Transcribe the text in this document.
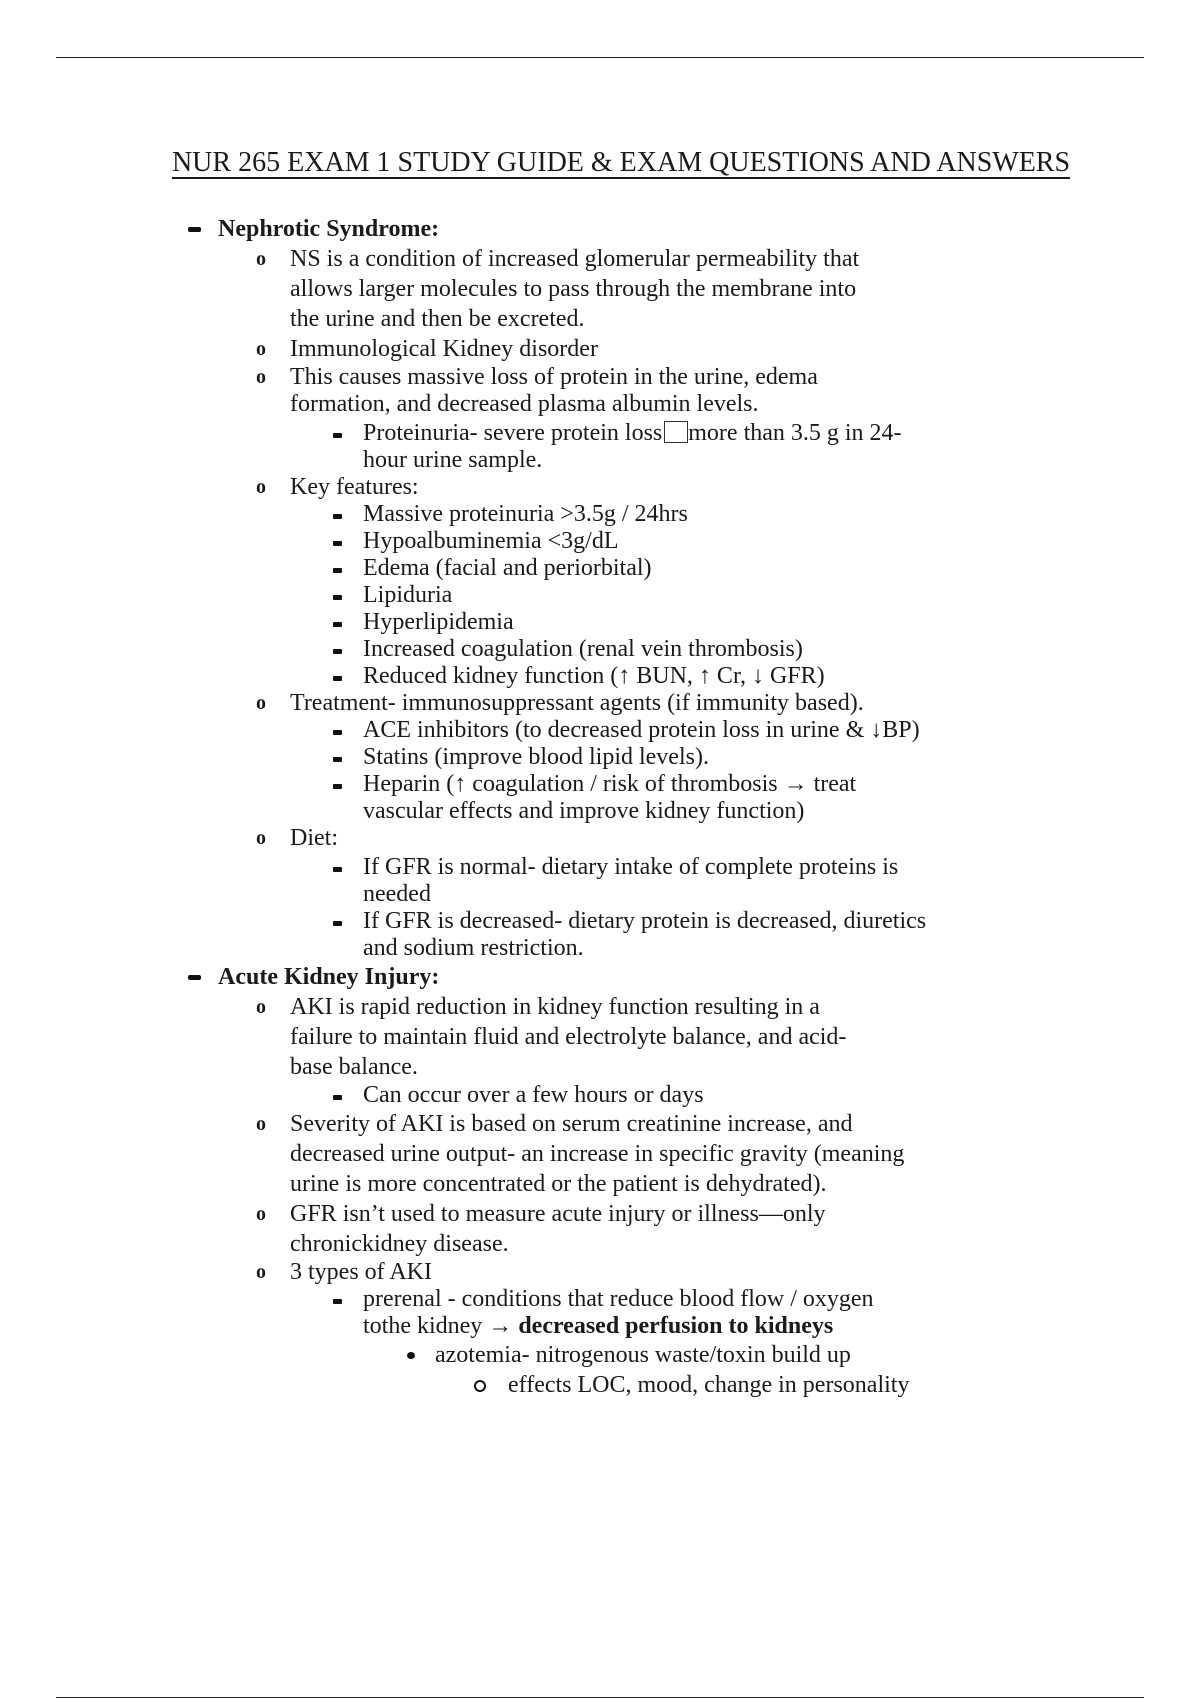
NUR 265 EXAM 1 STUDY GUIDE & EXAM QUESTIONS AND ANSWERS
Nephrotic Syndrome:
o NS is a condition of increased glomerular permeability that
allows larger molecules to pass through the membrane into
the urine and then be excreted.
o Immunological Kidney disorder
o This causes massive loss of protein in the urine, edema
formation, and decreased plasma albumin levels.
Proteinuria- severe protein loss more than 3.5 g in 24-
hour urine sample.
o Key features:
Massive proteinuria >3.5g / 24hrs
Hypoalbuminemia <3g/dL
Edema (facial and periorbital)
Lipiduria
Hyperlipidemia
Increased coagulation (renal vein thrombosis)
Reduced kidney function (↑ BUN, ↑ Cr, ↓ GFR)
o Treatment- immunosuppressant agents (if immunity based).
ACE inhibitors (to decreased protein loss in urine & ↓BP)
Statins (improve blood lipid levels).
Heparin (↑ coagulation / risk of thrombosis → treat
vascular effects and improve kidney function)
o Diet:
If GFR is normal- dietary intake of complete proteins is
needed
If GFR is decreased- dietary protein is decreased, diuretics
and sodium restriction.
Acute Kidney Injury:
o AKI is rapid reduction in kidney function resulting in a
failure to maintain fluid and electrolyte balance, and acid-
base balance.
Can occur over a few hours or days
o Severity of AKI is based on serum creatinine increase, and
decreased urine output- an increase in specific gravity (meaning
urine is more concentrated or the patient is dehydrated).
o GFR isn’t used to measure acute injury or illness—only
chronickidney disease.
o 3 types of AKI
prerenal - conditions that reduce blood flow / oxygen
tothe kidney → decreased perfusion to kidneys
azotemia- nitrogenous waste/toxin build up
effects LOC, mood, change in personality
